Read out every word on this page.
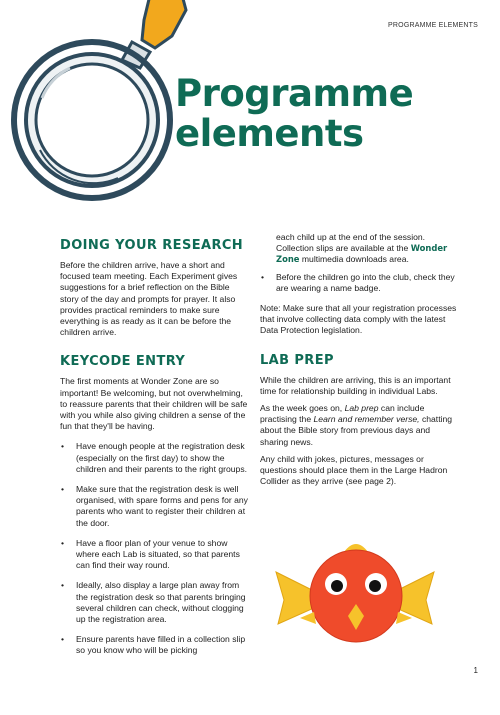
PROGRAMME ELEMENTS
Programme
elements
DOING YOUR RESEARCH

Before the children arrive, have a short and focused team meeting. Each Experiment gives suggestions for a brief reflection on the Bible story of the day and prompts for prayer. It also provides practical reminders to make sure everything is as ready as it can be before the children arrive.

KEYCODE ENTRY

The first moments at Wonder Zone are so important! Be welcoming, but not overwhelming, to reassure parents that their children will be safe with you while also giving children a sense of the fun that they'll be having.

• Have enough people at the registration desk (especially on the first day) to show the children and their parents to the right groups.
• Make sure that the registration desk is well organised, with spare forms and pens for any parents who want to register their children at the door.
• Have a floor plan of your venue to show where each Lab is situated, so that parents can find their way round.
• Ideally, also display a large plan away from the registration desk so that parents bringing several children can check, without clogging up the registration area.
• Ensure parents have filled in a collection slip so you know who will be picking

each child up at the end of the session. Collection slips are available at the Wonder Zone multimedia downloads area.

• Before the children go into the club, check they are wearing a name badge.

Note: Make sure that all your registration processes that involve collecting data comply with the latest Data Protection legislation.

LAB PREP

While the children are arriving, this is an important time for relationship building in individual Labs.

As the week goes on, Lab prep can include practising the Learn and remember verse, chatting about the Bible story from previous days and sharing news.

Any child with jokes, pictures, messages or questions should place them in the Large Hadron Collider as they arrive (see page 2).

1
